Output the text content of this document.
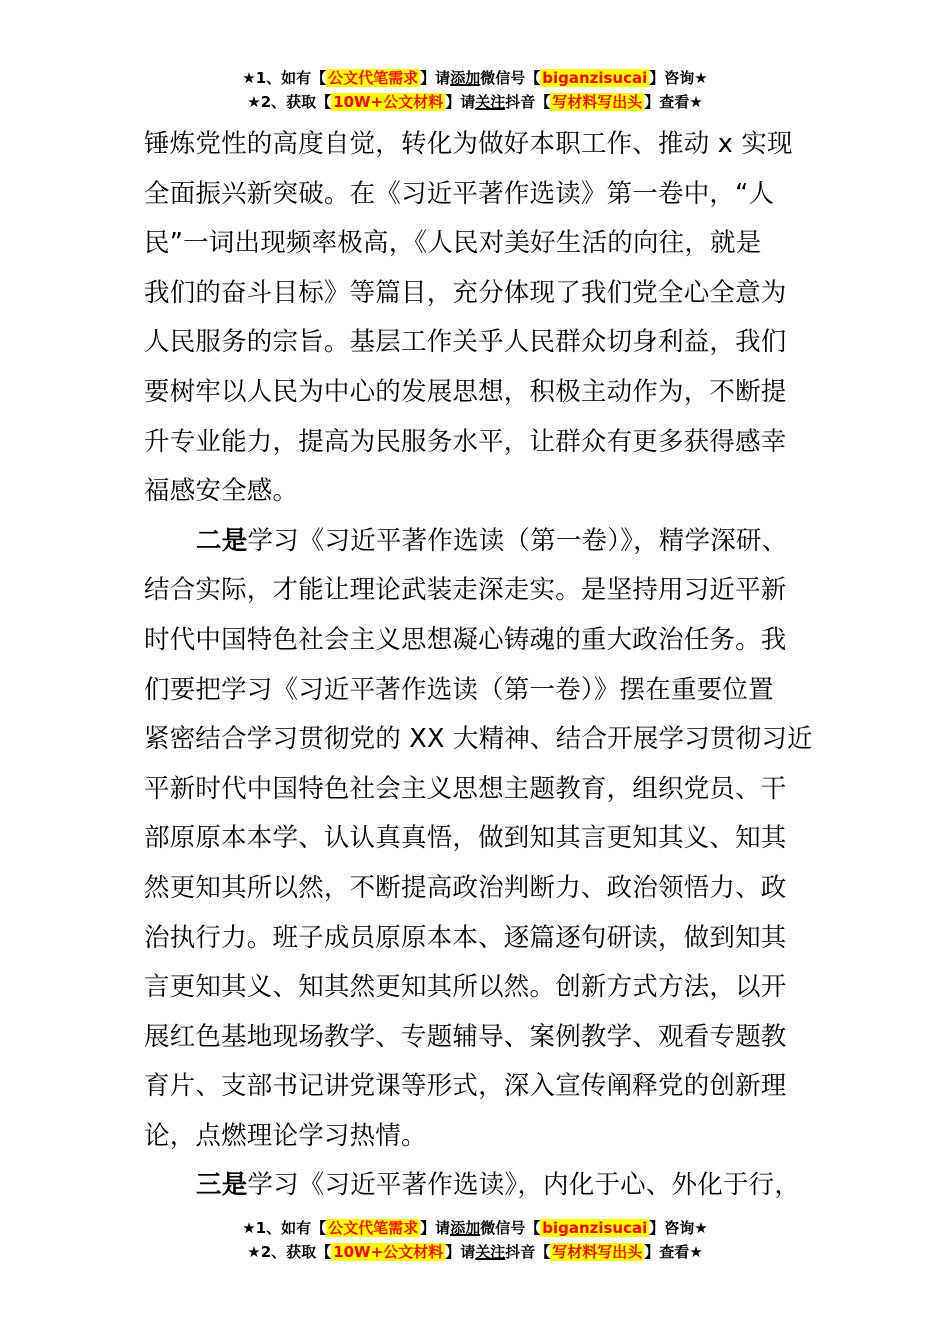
★1、如有【 公文代笔需求 】请添加微信号【 biganzisucai 】咨询★
★2、获取【 10W+公文材料 】请关注抖音【 写材料写出头 】查看★

锤炼党性的高度自觉，转化为做好本职工作、推动 x 实现

全面振兴新突破。在《习近平著作选读》第一卷中，“人

民”一词出现频率极高，《人民对美好生活的向往，就是

我们的奋斗目标》等篇目，充分体现了我们党全心全意为

人民服务的宗旨。基层工作关乎人民群众切身利益，我们

要树牢以人民为中心的发展思想，积极主动作为，不断提

升专业能力，提高为民服务水平，让群众有更多获得感幸

福感安全感。

二是学习《习近平著作选读（第一卷）》，精学深研、

结合实际，才能让理论武装走深走实。是坚持用习近平新

时代中国特色社会主义思想凝心铸魂的重大政治任务。我

们要把学习《习近平著作选读（第一卷）》摆在重要位置

紧密结合学习贯彻党的 XX 大精神、结合开展学习贯彻习近

平新时代中国特色社会主义思想主题教育，组织党员、干

部原原本本学、认认真真悟，做到知其言更知其义、知其

然更知其所以然，不断提高政治判断力、政治领悟力、政

治执行力。班子成员原原本本、逐篇逐句研读，做到知其

言更知其义、知其然更知其所以然。创新方式方法，以开

展红色基地现场教学、专题辅导、案例教学、观看专题教

育片、支部书记讲党课等形式，深入宣传阐释党的创新理

论，点燃理论学习热情。

三是学习《习近平著作选读》，内化于心、外化于行，

★1、如有【 公文代笔需求 】请添加微信号【 biganzisucai 】咨询★
★2、获取【 10W+公文材料 】请关注抖音【 写材料写出头 】查看★
